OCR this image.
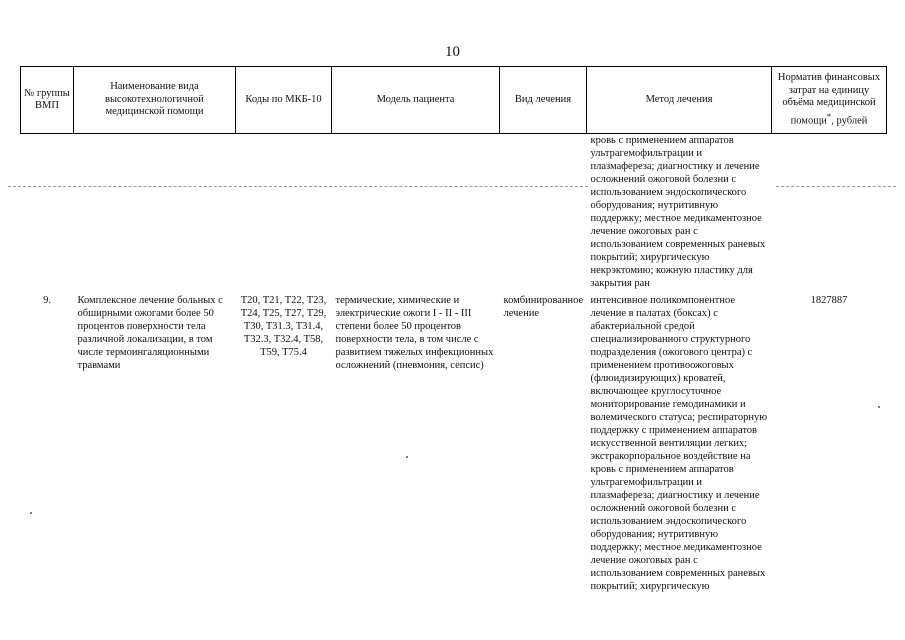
10
№ группы ВМП	Наименование вида высокотехнологичной медицинской помощи	Коды по МКБ-10	Модель пациента	Вид лечения	Метод лечения	Норматив финансовых затрат на единицу объёма медицинской помощи*, рублей
					кровь с применением аппаратов ультрагемофильтрации и плазмафереза; диагностику и лечение осложнений ожоговой болезни с использованием эндоскопического оборудования; нутритивную поддержку; местное медикаментозное лечение ожоговых ран с использованием современных раневых покрытий; хирургическую некрэктомию; кожную пластику для закрытия ран	
9.	Комплексное лечение больных с обширными ожогами более 50 процентов поверхности тела различной локализации, в том числе термоингаляционными травмами	T20, T21, T22, T23, T24, T25, T27, T29, T30, T31.3, T31.4, T32.3, T32.4, T58, T59, T75.4	термические, химические и электрические ожоги I - II - III степени более 50 процентов поверхности тела, в том числе с развитием тяжелых инфекционных осложнений (пневмония, сепсис)	комбинированное лечение	интенсивное поликомпонентное лечение в палатах (боксах) с абактериальной средой специализированного структурного подразделения (ожогового центра) с применением противоожоговых (флюидизирующих) кроватей, включающее круглосуточное мониторирование гемодинамики и волемического статуса; респираторную поддержку с применением аппаратов искусственной вентиляции легких; экстракорпоральное воздействие на кровь с применением аппаратов ультрагемофильтрации и плазмафереза; диагностику и лечение осложнений ожоговой болезни с использованием эндоскопического оборудования; нутритивную поддержку; местное медикаментозное лечение ожоговых ран с использованием современных раневых покрытий; хирургическую	1827887
